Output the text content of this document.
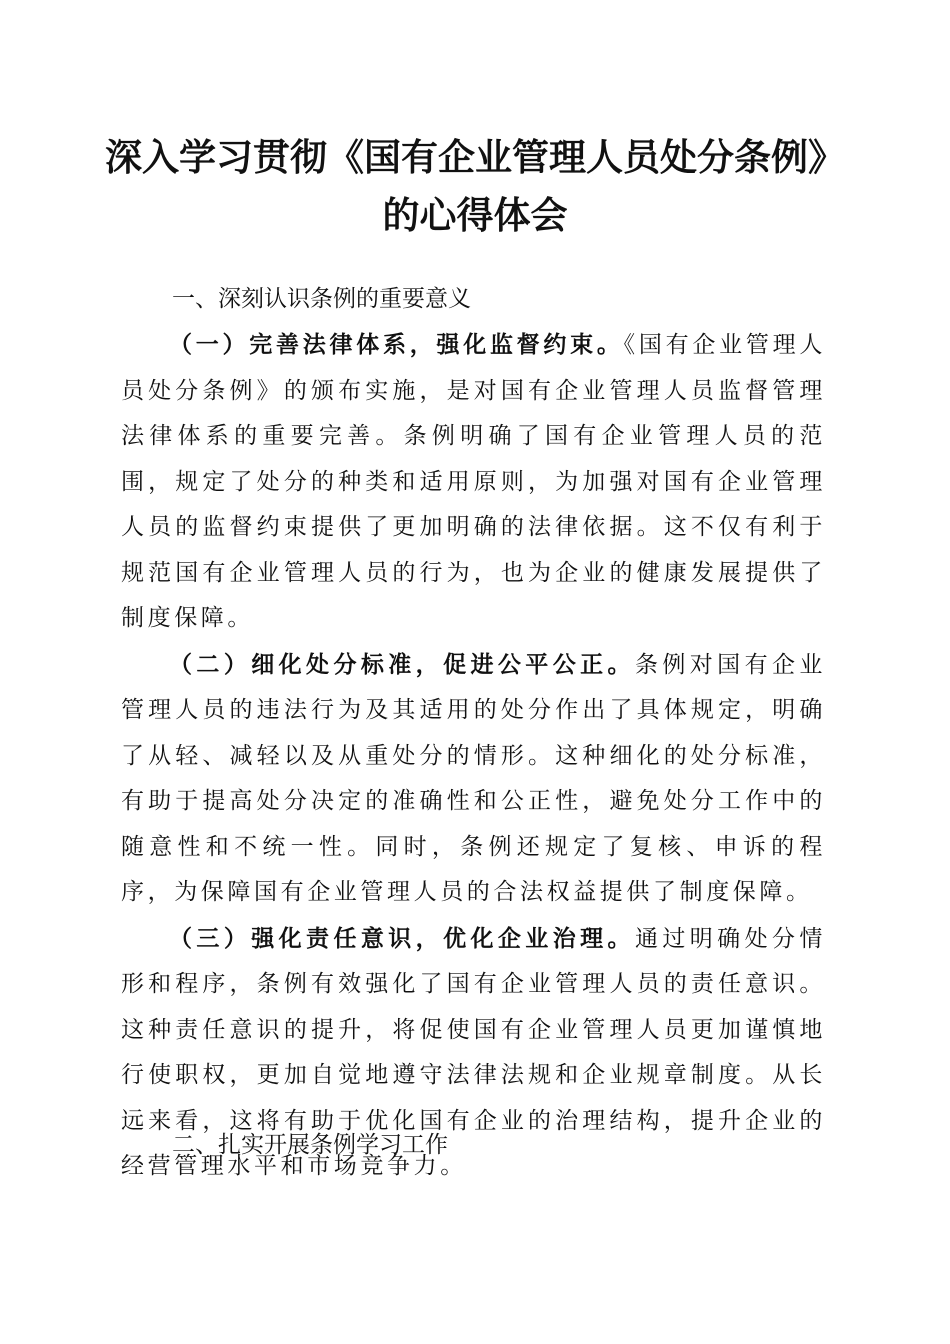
深入学习贯彻《国有企业管理人员处分条例》
的心得体会
一、深刻认识条例的重要意义

（一）完善法律体系，强化监督约束。《国有企业管理人员处分条例》的颁布实施，是对国有企业管理人员监督管理法律体系的重要完善。条例明确了国有企业管理人员的范围，规定了处分的种类和适用原则，为加强对国有企业管理人员的监督约束提供了更加明确的法律依据。这不仅有利于规范国有企业管理人员的行为，也为企业的健康发展提供了制度保障。

（二）细化处分标准，促进公平公正。条例对国有企业管理人员的违法行为及其适用的处分作出了具体规定，明确了从轻、减轻以及从重处分的情形。这种细化的处分标准，有助于提高处分决定的准确性和公正性，避免处分工作中的随意性和不统一性。同时，条例还规定了复核、申诉的程序，为保障国有企业管理人员的合法权益提供了制度保障。

（三）强化责任意识，优化企业治理。通过明确处分情形和程序，条例有效强化了国有企业管理人员的责任意识。这种责任意识的提升，将促使国有企业管理人员更加谨慎地行使职权，更加自觉地遵守法律法规和企业规章制度。从长远来看，这将有助于优化国有企业的治理结构，提升企业的经营管理水平和市场竞争力。

二、扎实开展条例学习工作
